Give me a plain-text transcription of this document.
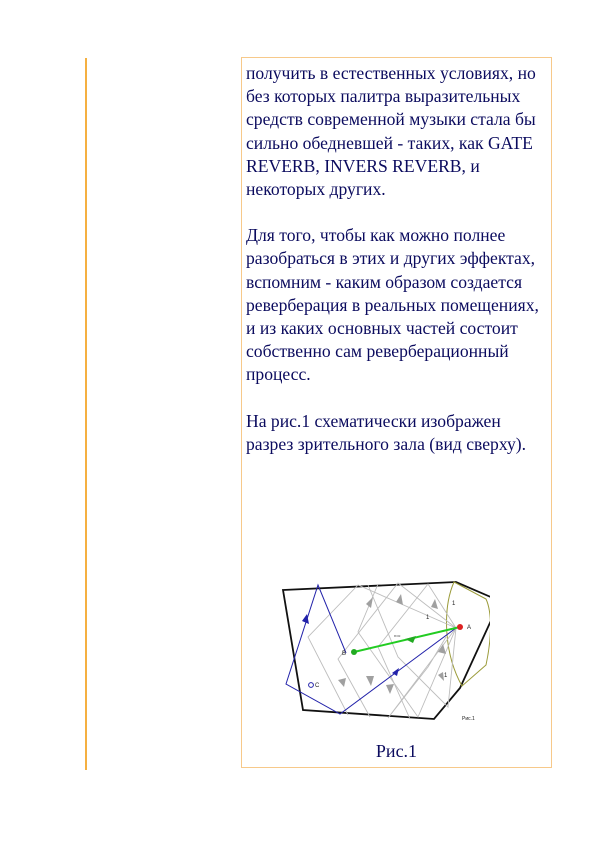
получить в естественных условиях, но без которых палитра выразительных средств современной музыки стала бы сильно обедневшей - таких, как GATE REVERB, INVERS REVERB, и некоторых других.

Для того, чтобы как можно полнее разобраться в этих и других эффектах, вспомним - каким образом создается реверберация в реальных помещениях, и из каких основных частей состоит собственно сам реверберационный процесс.

На рис.1 схематически изображен разрез зрительного зала (вид сверху).

A
B
C
v=c
1
1
1
Рис.1
Рис.1
